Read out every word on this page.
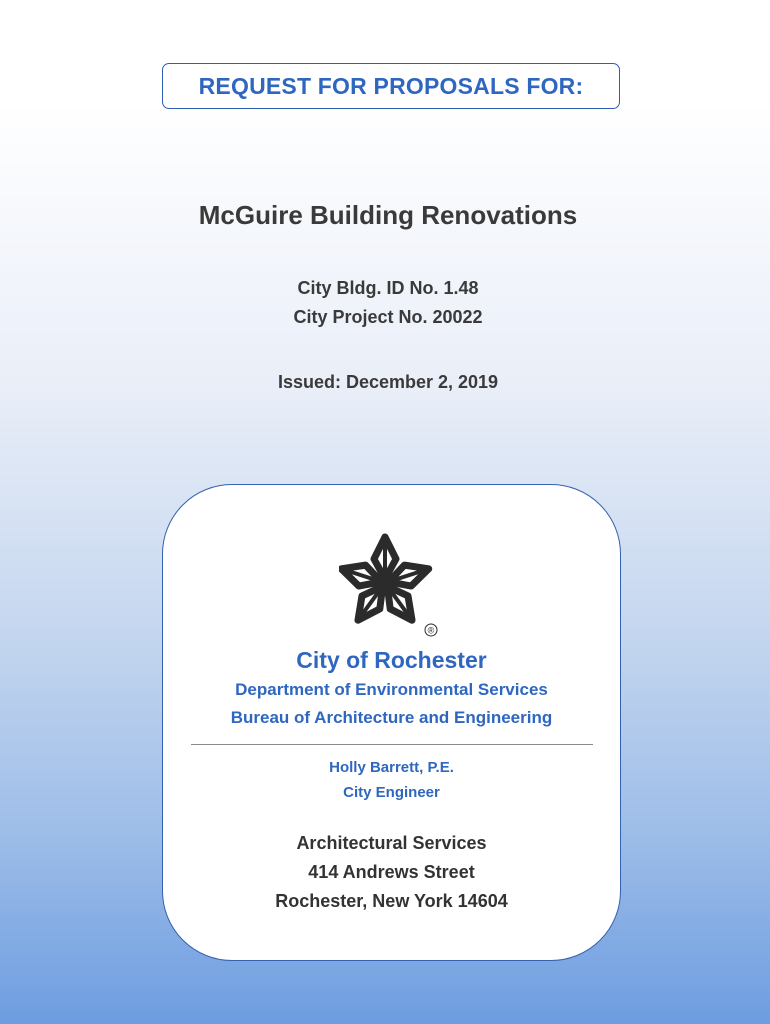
REQUEST FOR PROPOSALS FOR:
McGuire Building Renovations
City Bldg. ID No. 1.48
City Project No. 20022
Issued: December 2, 2019
®
City of Rochester
Department of Environmental Services
Bureau of Architecture and Engineering
Holly Barrett, P.E.
City Engineer
Architectural Services
414 Andrews Street
Rochester, New York 14604
